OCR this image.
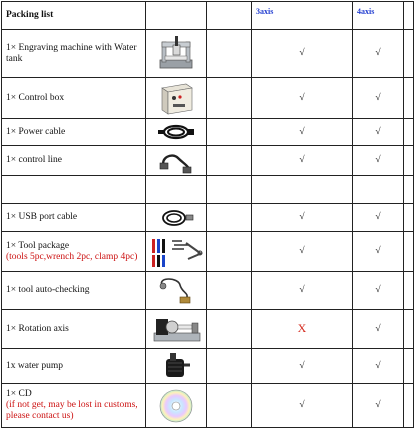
Packing list			3axis	4axis	
1× Engraving machine with Water tank			√	√	
1× Control box			√	√	
1× Power cable			√	√	
1× control line			√	√	

1× USB port cable			√	√	
1× Tool package
(tools 5pc,wrench 2pc, clamp 4pc)			√	√	
1× tool auto-checking			√	√	
1× Rotation axis			X	√	
1x water pump			√	√	
1× CD
(if not get, may be lost in customs, please contact us)			√	√	
